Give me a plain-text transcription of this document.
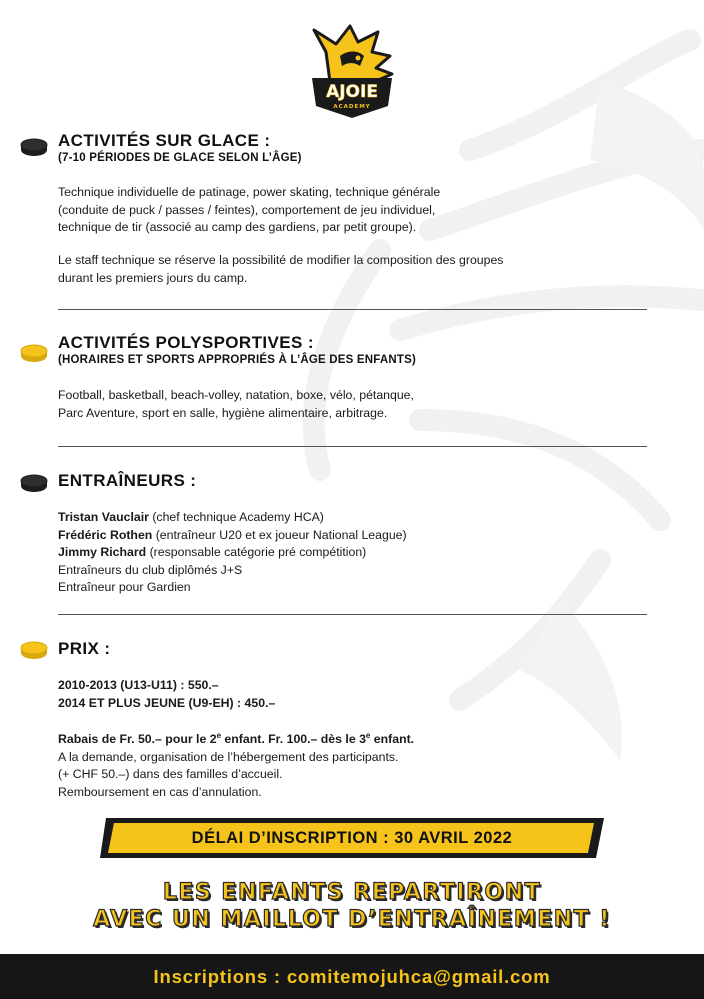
AJOIE
ACADEMY
ACTIVITÉS SUR GLACE :
(7-10 PÉRIODES DE GLACE SELON L’ÂGE)
Technique individuelle de patinage, power skating, technique générale
(conduite de puck / passes / feintes), comportement de jeu individuel,
technique de tir (associé au camp des gardiens, par petit groupe).
Le staff technique se réserve la possibilité de modifier la composition des groupes
durant les premiers jours du camp.
ACTIVITÉS POLYSPORTIVES :
(HORAIRES ET SPORTS APPROPRIÉS À L’ÂGE DES ENFANTS)
Football, basketball, beach-volley, natation, boxe, vélo, pétanque,
Parc Aventure, sport en salle, hygiène alimentaire, arbitrage.
ENTRAÎNEURS :
Tristan Vauclair (chef technique Academy HCA)
Frédéric Rothen (entraîneur U20 et ex joueur National League)
Jimmy Richard (responsable catégorie pré compétition)
Entraîneurs du club diplômés J+S
Entraîneur pour Gardien
PRIX :
2010-2013 (U13-U11) : 550.–
2014 ET PLUS JEUNE (U9-EH) : 450.–
Rabais de Fr. 50.– pour le 2e enfant. Fr. 100.– dès le 3e enfant.
A la demande, organisation de l’hébergement des participants.
(+ CHF 50.–) dans des familles d’accueil.
Remboursement en cas d’annulation.
DÉLAI D’INSCRIPTION : 30 AVRIL 2022
LES ENFANTS REPARTIRONT
AVEC UN MAILLOT D’ENTRAÎNEMENT !
Inscriptions : comitemojuhca@gmail.com
